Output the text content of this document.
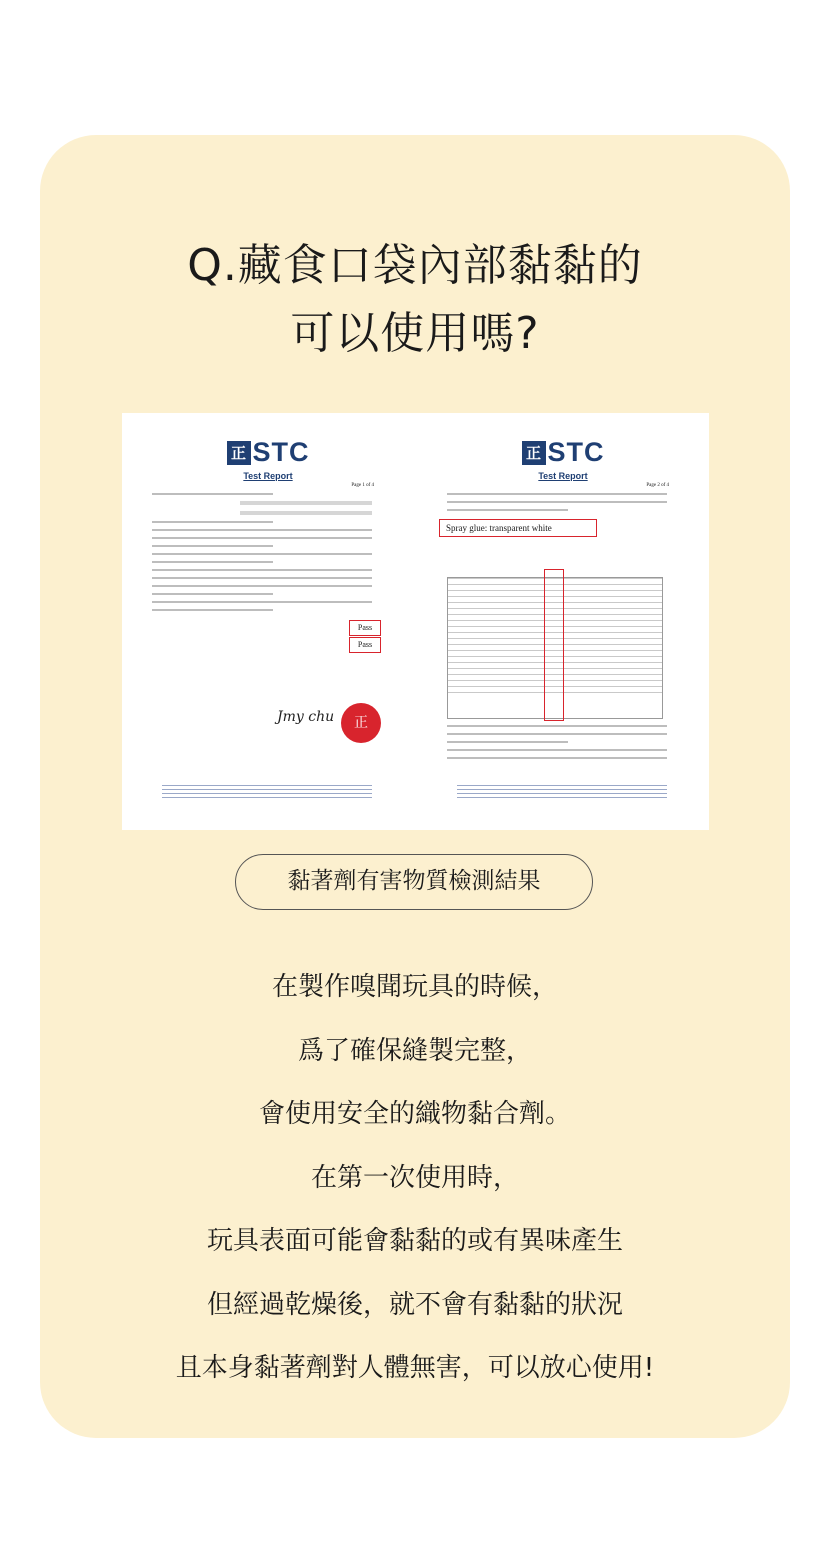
Q.藏食口袋內部黏黏的
可以使用嗎?
正 STC
Test Report
Page 1 of 4
Pass
Pass
Jmy chu	正
正 STC
Test Report
Page 2 of 4
Spray glue: transparent white
黏著劑有害物質檢測結果
在製作嗅聞玩具的時候，
爲了確保縫製完整，
會使用安全的織物黏合劑。
在第一次使用時，
玩具表面可能會黏黏的或有異味產生
但經過乾燥後，就不會有黏黏的狀況
且本身黏著劑對人體無害，可以放心使用!
